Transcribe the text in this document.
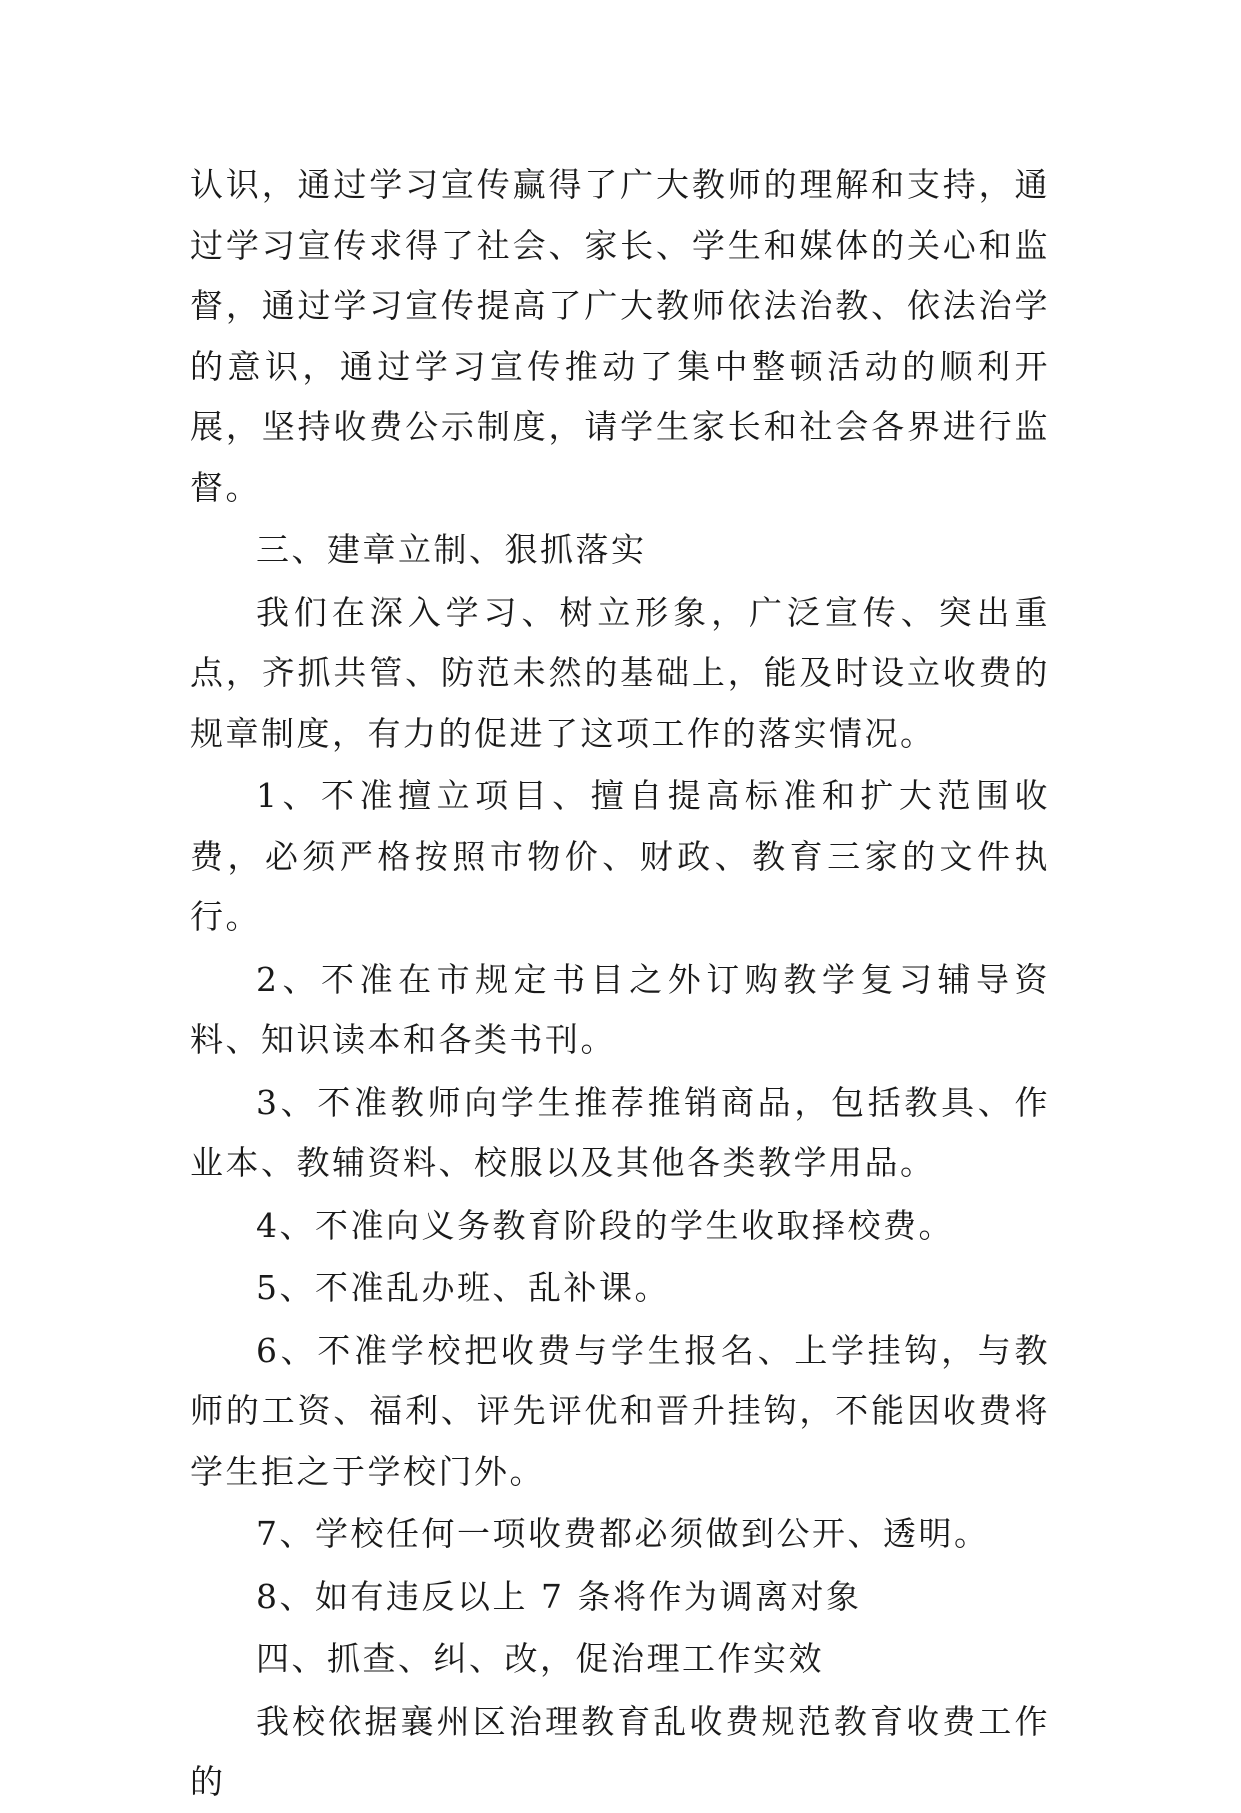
认识，通过学习宣传赢得了广大教师的理解和支持，通过学习宣传求得了社会、家长、学生和媒体的关心和监督，通过学习宣传提高了广大教师依法治教、依法治学的意识，通过学习宣传推动了集中整顿活动的顺利开展，坚持收费公示制度，请学生家长和社会各界进行监督。

三、建章立制、狠抓落实

我们在深入学习、树立形象，广泛宣传、突出重点，齐抓共管、防范未然的基础上，能及时设立收费的规章制度，有力的促进了这项工作的落实情况。

1、不准擅立项目、擅自提高标准和扩大范围收费，必须严格按照市物价、财政、教育三家的文件执行。

2、不准在市规定书目之外订购教学复习辅导资料、知识读本和各类书刊。

3、不准教师向学生推荐推销商品，包括教具、作业本、教辅资料、校服以及其他各类教学用品。

4、不准向义务教育阶段的学生收取择校费。

5、不准乱办班、乱补课。

6、不准学校把收费与学生报名、上学挂钩，与教师的工资、福利、评先评优和晋升挂钩，不能因收费将学生拒之于学校门外。

7、学校任何一项收费都必须做到公开、透明。

8、如有违反以上 7 条将作为调离对象

四、抓查、纠、改，促治理工作实效

我校依据襄州区治理教育乱收费规范教育收费工作的
